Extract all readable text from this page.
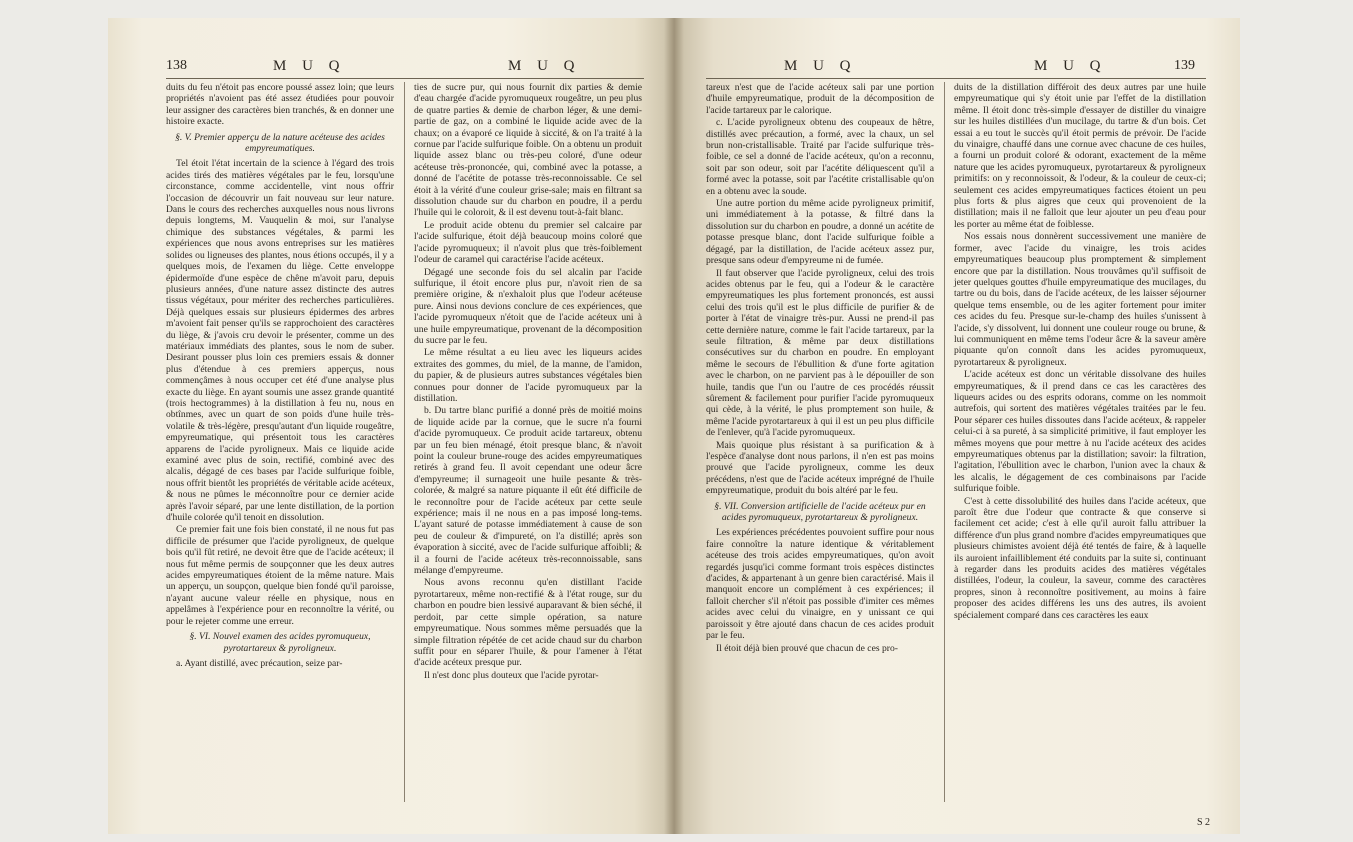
138	M U Q	M U Q

duits du feu n'étoit pas encore poussé assez loin; que leurs propriétés n'avoient pas été assez étudiées pour pouvoir leur assigner des caractères bien tranchés, & en donner une histoire exacte.

§. V. Premier apperçu de la nature acéteuse des acides empyreumatiques.

Tel étoit l'état incertain de la science à l'égard des trois acides tirés des matières végétales par le feu, lorsqu'une circonstance, comme accidentelle, vint nous offrir l'occasion de découvrir un fait nouveau sur leur nature. Dans le cours des recherches auxquelles nous nous livrons depuis longtems, M. Vauquelin & moi, sur l'analyse chimique des substances végétales, & parmi les expériences que nous avons entreprises sur les matières solides ou ligneuses des plantes, nous étions occupés, il y a quelques mois, de l'examen du liège. Cette enveloppe épidermoïde d'une espèce de chêne m'avoit paru, depuis plusieurs années, d'une nature assez distincte des autres tissus végétaux, pour mériter des recherches particulières. Déjà quelques essais sur plusieurs épidermes des arbres m'avoient fait penser qu'ils se rapprochoient des caractères du liège, & j'avois cru devoir le présenter, comme un des matériaux immédiats des plantes, sous le nom de suber. Desirant pousser plus loin ces premiers essais & donner plus d'étendue à ces premiers apperçus, nous commençâmes à nous occuper cet été d'une analyse plus exacte du liège. En ayant soumis une assez grande quantité (trois hectogrammes) à la distillation à feu nu, nous en obtînmes, avec un quart de son poids d'une huile très-volatile & très-légère, presqu'autant d'un liquide rougeâtre, empyreumatique, qui présentoit tous les caractères apparens de l'acide pyroligneux. Mais ce liquide acide examiné avec plus de soin, rectifié, combiné avec des alcalis, dégagé de ces bases par l'acide sulfurique foible, nous offrit bientôt les propriétés de véritable acide acéteux, & nous ne pûmes le méconnoître pour ce dernier acide après l'avoir séparé, par une lente distillation, de la portion d'huile colorée qu'il tenoit en dissolution.

Ce premier fait une fois bien constaté, il ne nous fut pas difficile de présumer que l'acide pyroligneux, de quelque bois qu'il fût retiré, ne devoit être que de l'acide acéteux; il nous fut même permis de soupçonner que les deux autres acides empyreumatiques étoient de la même nature. Mais un apperçu, un soupçon, quelque bien fondé qu'il paroisse, n'ayant aucune valeur réelle en physique, nous en appelâmes à l'expérience pour en reconnoître la vérité, ou pour le rejeter comme une erreur.

§. VI. Nouvel examen des acides pyromuqueux, pyrotartareux & pyroligneux.

a. Ayant distillé, avec précaution, seize par-

ties de sucre pur, qui nous fournit dix parties & demie d'eau chargée d'acide pyromuqueux rougeâtre, un peu plus de quatre parties & demie de charbon léger, & une demi-partie de gaz, on a combiné le liquide acide avec de la chaux; on a évaporé ce liquide à siccité, & on l'a traité à la cornue par l'acide sulfurique foible. On a obtenu un produit liquide assez blanc ou très-peu coloré, d'une odeur acéteuse très-prononcée, qui, combiné avec la potasse, a donné de l'acétite de potasse très-reconnoissable. Ce sel étoit à la vérité d'une couleur grise-sale; mais en filtrant sa dissolution chaude sur du charbon en poudre, il a perdu l'huile qui le coloroit, & il est devenu tout-à-fait blanc.

Le produit acide obtenu du premier sel calcaire par l'acide sulfurique, étoit déjà beaucoup moins coloré que l'acide pyromuqueux; il n'avoit plus que très-foiblement l'odeur de caramel qui caractérise l'acide acéteux.

Dégagé une seconde fois du sel alcalin par l'acide sulfurique, il étoit encore plus pur, n'avoit rien de sa première origine, & n'exhaloit plus que l'odeur acéteuse pure. Ainsi nous devions conclure de ces expériences, que l'acide pyromuqueux n'étoit que de l'acide acéteux uni à une huile empyreumatique, provenant de la décomposition du sucre par le feu.

Le même résultat a eu lieu avec les liqueurs acides extraites des gommes, du miel, de la manne, de l'amidon, du papier, & de plusieurs autres substances végétales bien connues pour donner de l'acide pyromuqueux par la distillation.

b. Du tartre blanc purifié a donné près de moitié moins de liquide acide par la cornue, que le sucre n'a fourni d'acide pyromuqueux. Ce produit acide tartareux, obtenu par un feu bien ménagé, étoit presque blanc, & n'avoit point la couleur brune-rouge des acides empyreumatiques retirés à grand feu. Il avoit cependant une odeur âcre d'empyreume; il surnageoit une huile pesante & très-colorée, & malgré sa nature piquante il eût été difficile de le reconnoître pour de l'acide acéteux par cette seule expérience; mais il ne nous en a pas imposé long-tems. L'ayant saturé de potasse immédiatement à cause de son peu de couleur & d'impureté, on l'a distillé; après son évaporation à siccité, avec de l'acide sulfurique affoibli; & il a fourni de l'acide acéteux très-reconnoissable, sans mélange d'empyreume.

Nous avons reconnu qu'en distillant l'acide pyrotartareux, même non-rectifié & à l'état rouge, sur du charbon en poudre bien lessivé auparavant & bien séché, il perdoit, par cette simple opération, sa nature empyreumatique. Nous sommes même persuadés que la simple filtration répétée de cet acide chaud sur du charbon suffit pour en séparer l'huile, & pour l'amener à l'état d'acide acéteux presque pur.

Il n'est donc plus douteux que l'acide pyrotar-

M U Q	M U Q	139

tareux n'est que de l'acide acéteux sali par une portion d'huile empyreumatique, produit de la décomposition de l'acide tartareux par le calorique.

c. L'acide pyroligneux obtenu des coupeaux de hêtre, distillés avec précaution, a formé, avec la chaux, un sel brun non-cristallisable. Traité par l'acide sulfurique très-foible, ce sel a donné de l'acide acéteux, qu'on a reconnu, soit par son odeur, soit par l'acétite déliquescent qu'il a formé avec la potasse, soit par l'acétite cristallisable qu'on en a obtenu avec la soude.

Une autre portion du même acide pyroligneux primitif, uni immédiatement à la potasse, & filtré dans la dissolution sur du charbon en poudre, a donné un acétite de potasse presque blanc, dont l'acide sulfurique foible a dégagé, par la distillation, de l'acide acéteux assez pur, presque sans odeur d'empyreume ni de fumée.

Il faut observer que l'acide pyroligneux, celui des trois acides obtenus par le feu, qui a l'odeur & le caractère empyreumatiques les plus fortement prononcés, est aussi celui des trois qu'il est le plus difficile de purifier & de porter à l'état de vinaigre très-pur. Aussi ne prend-il pas cette dernière nature, comme le fait l'acide tartareux, par la seule filtration, & même par deux distillations consécutives sur du charbon en poudre. En employant même le secours de l'ébullition & d'une forte agitation avec le charbon, on ne parvient pas à le dépouiller de son huile, tandis que l'un ou l'autre de ces procédés réussit sûrement & facilement pour purifier l'acide pyromuqueux qui cède, à la vérité, le plus promptement son huile, & même l'acide pyrotartareux à qui il est un peu plus difficile de l'enlever, qu'à l'acide pyromuqueux.

Mais quoique plus résistant à sa purification & à l'espèce d'analyse dont nous parlons, il n'en est pas moins prouvé que l'acide pyroligneux, comme les deux précédens, n'est que de l'acide acéteux imprégné de l'huile empyreumatique, produit du bois altéré par le feu.

§. VII. Conversion artificielle de l'acide acéteux pur en acides pyromuqueux, pyrotartareux & pyroligneux.

Les expériences précédentes pouvoient suffire pour nous faire connoître la nature identique & véritablement acéteuse des trois acides empyreumatiques, qu'on avoit regardés jusqu'ici comme formant trois espèces distinctes d'acides, & appartenant à un genre bien caractérisé. Mais il manquoit encore un complément à ces expériences; il falloit chercher s'il n'étoit pas possible d'imiter ces mêmes acides avec celui du vinaigre, en y unissant ce qui paroissoit y être ajouté dans chacun de ces acides produit par le feu.

Il étoit déjà bien prouvé que chacun de ces pro-

duits de la distillation différoit des deux autres par une huile empyreumatique qui s'y étoit unie par l'effet de la distillation même. Il étoit donc très-simple d'essayer de distiller du vinaigre sur les huiles distillées d'un mucilage, du tartre & d'un bois. Cet essai a eu tout le succès qu'il étoit permis de prévoir. De l'acide du vinaigre, chauffé dans une cornue avec chacune de ces huiles, a fourni un produit coloré & odorant, exactement de la même nature que les acides pyromuqueux, pyrotartareux & pyroligneux primitifs: on y reconnoissoit, & l'odeur, & la couleur de ceux-ci; seulement ces acides empyreumatiques factices étoient un peu plus forts & plus aigres que ceux qui provenoient de la distillation; mais il ne falloit que leur ajouter un peu d'eau pour les porter au même état de foiblesse.

Nos essais nous donnèrent successivement une manière de former, avec l'acide du vinaigre, les trois acides empyreumatiques beaucoup plus promptement & simplement encore que par la distillation. Nous trouvâmes qu'il suffisoit de jeter quelques gouttes d'huile empyreumatique des mucilages, du tartre ou du bois, dans de l'acide acéteux, de les laisser séjourner quelque tems ensemble, ou de les agiter fortement pour imiter ces acides du feu. Presque sur-le-champ des huiles s'unissent à l'acide, s'y dissolvent, lui donnent une couleur rouge ou brune, & lui communiquent en même tems l'odeur âcre & la saveur amère piquante qu'on connoît dans les acides pyromuqueux, pyrotartareux & pyroligneux.

L'acide acéteux est donc un véritable dissolvane des huiles empyreumatiques, & il prend dans ce cas les caractères des liqueurs acides ou des esprits odorans, comme on les nommoit autrefois, qui sortent des matières végétales traitées par le feu. Pour séparer ces huiles dissoutes dans l'acide acéteux, & rappeler celui-ci à sa pureté, à sa simplicité primitive, il faut employer les mêmes moyens que pour mettre à nu l'acide acéteux des acides empyreumatiques obtenus par la distillation; savoir: la filtration, l'agitation, l'ébullition avec le charbon, l'union avec la chaux & les alcalis, le dégagement de ces combinaisons par l'acide sulfurique foible.

C'est à cette dissolubilité des huiles dans l'acide acéteux, que paroît être due l'odeur que contracte & que conserve si facilement cet acide; c'est à elle qu'il auroit fallu attribuer la différence d'un plus grand nombre d'acides empyreumatiques que plusieurs chimistes avoient déjà été tentés de faire, & à laquelle ils auroient infailliblement été conduits par la suite si, continuant à regarder dans les produits acides des matières végétales distillées, l'odeur, la couleur, la saveur, comme des caractères propres, sinon à reconnoître positivement, au moins à faire proposer des acides différens les uns des autres, ils avoient spécialement comparé dans ces caractères les eaux

S 2
